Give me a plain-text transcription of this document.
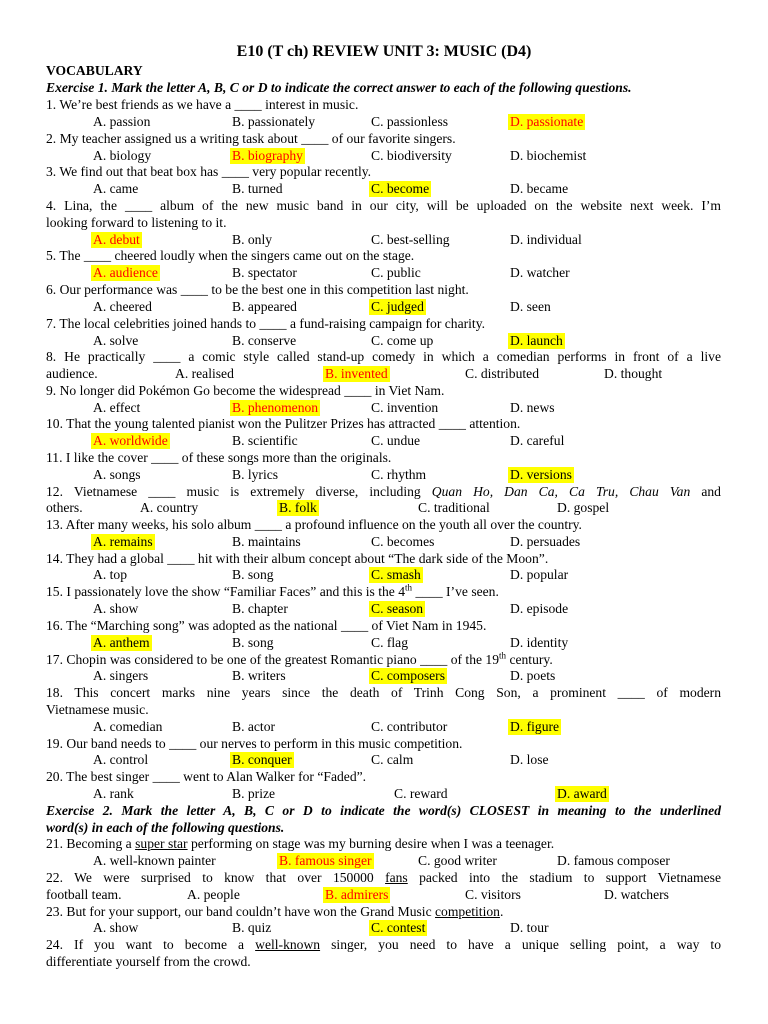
E10 (T ch) REVIEW UNIT 3: MUSIC (D4)
VOCABULARY
Exercise 1. Mark the letter A, B, C or D to indicate the correct answer to each of the following questions.
1. We’re best friends as we have a ____ interest in music.
A. passion	B. passionately	C. passionless	D. passionate
2. My teacher assigned us a writing task about ____ of our favorite singers.
A. biology	B. biography	C. biodiversity	D. biochemist
3. We find out that beat box has ____ very popular recently.
A. came	B. turned	C. become	D. became
4. Lina, the ____ album of the new music band in our city, will be uploaded on the website next week. I’m
looking forward to listening to it.
A. debut	B. only	C. best-selling	D. individual
5. The ____ cheered loudly when the singers came out on the stage.
A. audience	B. spectator	C. public	D. watcher
6. Our performance was ____ to be the best one in this competition last night.
A. cheered	B. appeared	C. judged	D. seen
7. The local celebrities joined hands to ____ a fund-raising campaign for charity.
A. solve	B. conserve	C. come up	D. launch
8. He practically ____ a comic style called stand-up comedy in which a comedian performs in front of a live
audience.	A. realised	B. invented	C. distributed	D. thought
9. No longer did Pokémon Go become the widespread ____ in Viet Nam.
A. effect	B. phenomenon	C. invention	D. news
10. That the young talented pianist won the Pulitzer Prizes has attracted ____ attention.
A. worldwide	B. scientific	C. undue	D. careful
11. I like the cover ____ of these songs more than the originals.
A. songs	B. lyrics	C. rhythm	D. versions
12. Vietnamese ____ music is extremely diverse, including Quan Ho, Dan Ca, Ca Tru, Chau Van and
others.	A. country	B. folk	C. traditional	D. gospel
13. After many weeks, his solo album ____ a profound influence on the youth all over the country.
A. remains	B. maintains	C. becomes	D. persuades
14. They had a global ____ hit with their album concept about “The dark side of the Moon”.
A. top	B. song	C. smash	D. popular
15. I passionately love the show “Familiar Faces” and this is the 4th ____ I’ve seen.
A. show	B. chapter	C. season	D. episode
16. The “Marching song” was adopted as the national ____ of Viet Nam in 1945.
A. anthem	B. song	C. flag	D. identity
17. Chopin was considered to be one of the greatest Romantic piano ____ of the 19th century.
A. singers	B. writers	C. composers	D. poets
18. This concert marks nine years since the death of Trinh Cong Son, a prominent ____ of modern
Vietnamese music.
A. comedian	B. actor	C. contributor	D. figure
19. Our band needs to ____ our nerves to perform in this music competition.
A. control	B. conquer	C. calm	D. lose
20. The best singer ____ went to Alan Walker for “Faded”.
A. rank	B. prize	C. reward	D. award
Exercise 2. Mark the letter A, B, C or D to indicate the word(s) CLOSEST in meaning to the underlined
word(s) in each of the following questions.
21. Becoming a super star performing on stage was my burning desire when I was a teenager.
A. well-known painter	B. famous singer	C. good writer	D. famous composer
22. We were surprised to know that over 150000 fans packed into the stadium to support Vietnamese
football team.	A. people	B. admirers	C. visitors	D. watchers
23. But for your support, our band couldn’t have won the Grand Music competition.
A. show	B. quiz	C. contest	D. tour
24. If you want to become a well-known singer, you need to have a unique selling point, a way to
differentiate yourself from the crowd.
